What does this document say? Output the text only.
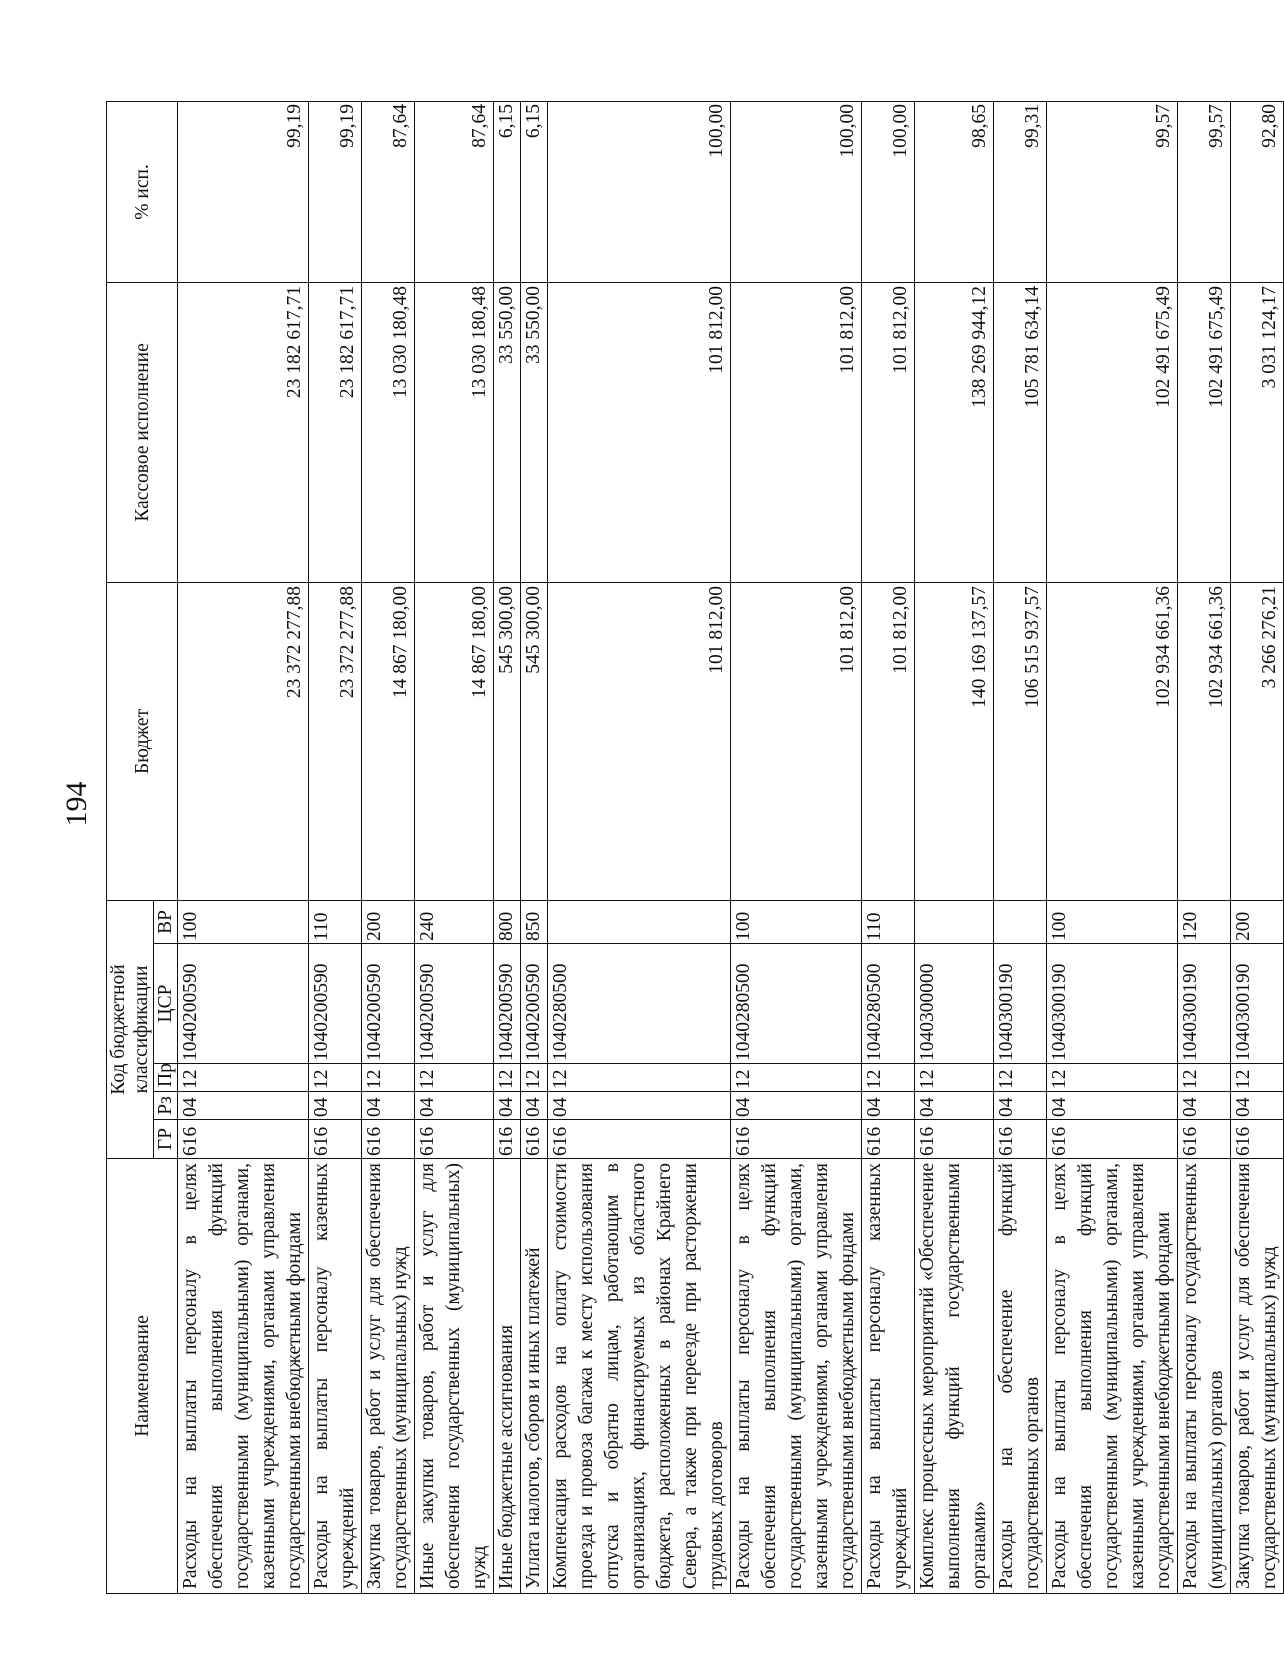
194
Наименование	Код бюджетной классификации					Бюджет	Кассовое исполнение	% исп.
	ГР	Рз	Пр	ЦСР	ВР			
Расходы на выплаты персоналу в целях обеспечения выполнения функций государственными (муниципальными) органами, казенными учреждениями, органами управления государственными внебюджетными фондами	616	04	12	1040200590	100	23 372 277,88	23 182 617,71	99,19
Расходы на выплаты персоналу казенных учреждений	616	04	12	1040200590	110	23 372 277,88	23 182 617,71	99,19
Закупка товаров, работ и услуг для обеспечения государственных (муниципальных) нужд	616	04	12	1040200590	200	14 867 180,00	13 030 180,48	87,64
Иные закупки товаров, работ и услуг для обеспечения государственных (муниципальных) нужд	616	04	12	1040200590	240	14 867 180,00	13 030 180,48	87,64
Иные бюджетные ассигнования	616	04	12	1040200590	800	545 300,00	33 550,00	6,15
Уплата налогов, сборов и иных платежей	616	04	12	1040200590	850	545 300,00	33 550,00	6,15
Компенсация расходов на оплату стоимости проезда и провоза багажа к месту использования отпуска и обратно лицам, работающим в организациях, финансируемых из областного бюджета, расположенных в районах Крайнего Севера, а также при переезде при расторжении трудовых договоров	616	04	12	1040280500		101 812,00	101 812,00	100,00
Расходы на выплаты персоналу в целях обеспечения выполнения функций государственными (муниципальными) органами, казенными учреждениями, органами управления государственными внебюджетными фондами	616	04	12	1040280500	100	101 812,00	101 812,00	100,00
Расходы на выплаты персоналу казенных учреждений	616	04	12	1040280500	110	101 812,00	101 812,00	100,00
Комплекс процессных мероприятий «Обеспечение выполнения функций государственными органами»	616	04	12	1040300000		140 169 137,57	138 269 944,12	98,65
Расходы на обеспечение функций государственных органов	616	04	12	1040300190		106 515 937,57	105 781 634,14	99,31
Расходы на выплаты персоналу в целях обеспечения выполнения функций государственными (муниципальными) органами, казенными учреждениями, органами управления государственными внебюджетными фондами	616	04	12	1040300190	100	102 934 661,36	102 491 675,49	99,57
Расходы на выплаты персоналу государственных (муниципальных) органов	616	04	12	1040300190	120	102 934 661,36	102 491 675,49	99,57
Закупка товаров, работ и услуг для обеспечения государственных (муниципальных) нужд	616	04	12	1040300190	200	3 266 276,21	3 031 124,17	92,80
